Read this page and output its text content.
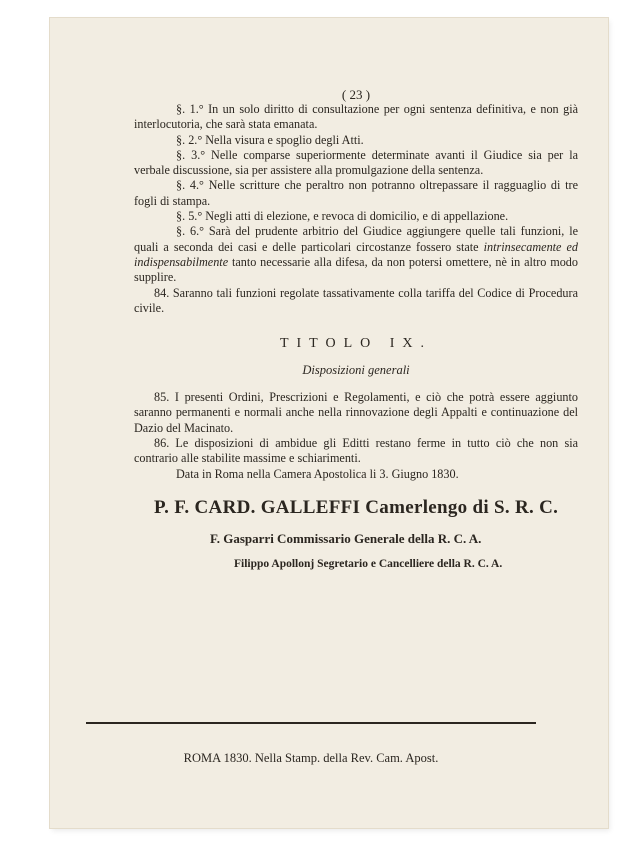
( 23 )

§. 1.° In un solo diritto di consultazione per ogni sentenza definitiva, e non già interlocutoria, che sarà stata emanata.

§. 2.° Nella visura e spoglio degli Atti.

§. 3.° Nelle comparse superiormente determinate avanti il Giudice sia per la verbale discussione, sia per assistere alla promulgazione della sentenza.

§. 4.° Nelle scritture che peraltro non potranno oltrepassare il ragguaglio di tre fogli di stampa.

§. 5.° Negli atti di elezione, e revoca di domicilio, e di appellazione.

§. 6.° Sarà del prudente arbitrio del Giudice aggiungere quelle tali funzioni, le quali a seconda dei casi e delle particolari circostanze fossero state intrinsecamente ed indispensabilmente tanto necessarie alla difesa, da non potersi omettere, nè in altro modo supplire.

84. Saranno tali funzioni regolate tassativamente colla tariffa del Codice di Procedura civile.

TITOLO IX.
Disposizioni generali

85. I presenti Ordini, Prescrizioni e Regolamenti, e ciò che potrà essere aggiunto saranno permanenti e normali anche nella rinnovazione degli Appalti e continuazione del Dazio del Macinato.

86. Le disposizioni di ambidue gli Editti restano ferme in tutto ciò che non sia contrario alle stabilite massime e schiarimenti.

Data in Roma nella Camera Apostolica li 3. Giugno 1830.

P. F. CARD. GALLEFFI Camerlengo di S. R. C.
F. Gasparri Commissario Generale della R. C. A.
Filippo Apollonj Segretario e Cancelliere della R. C. A.
ROMA 1830. Nella Stamp. della Rev. Cam. Apost.
